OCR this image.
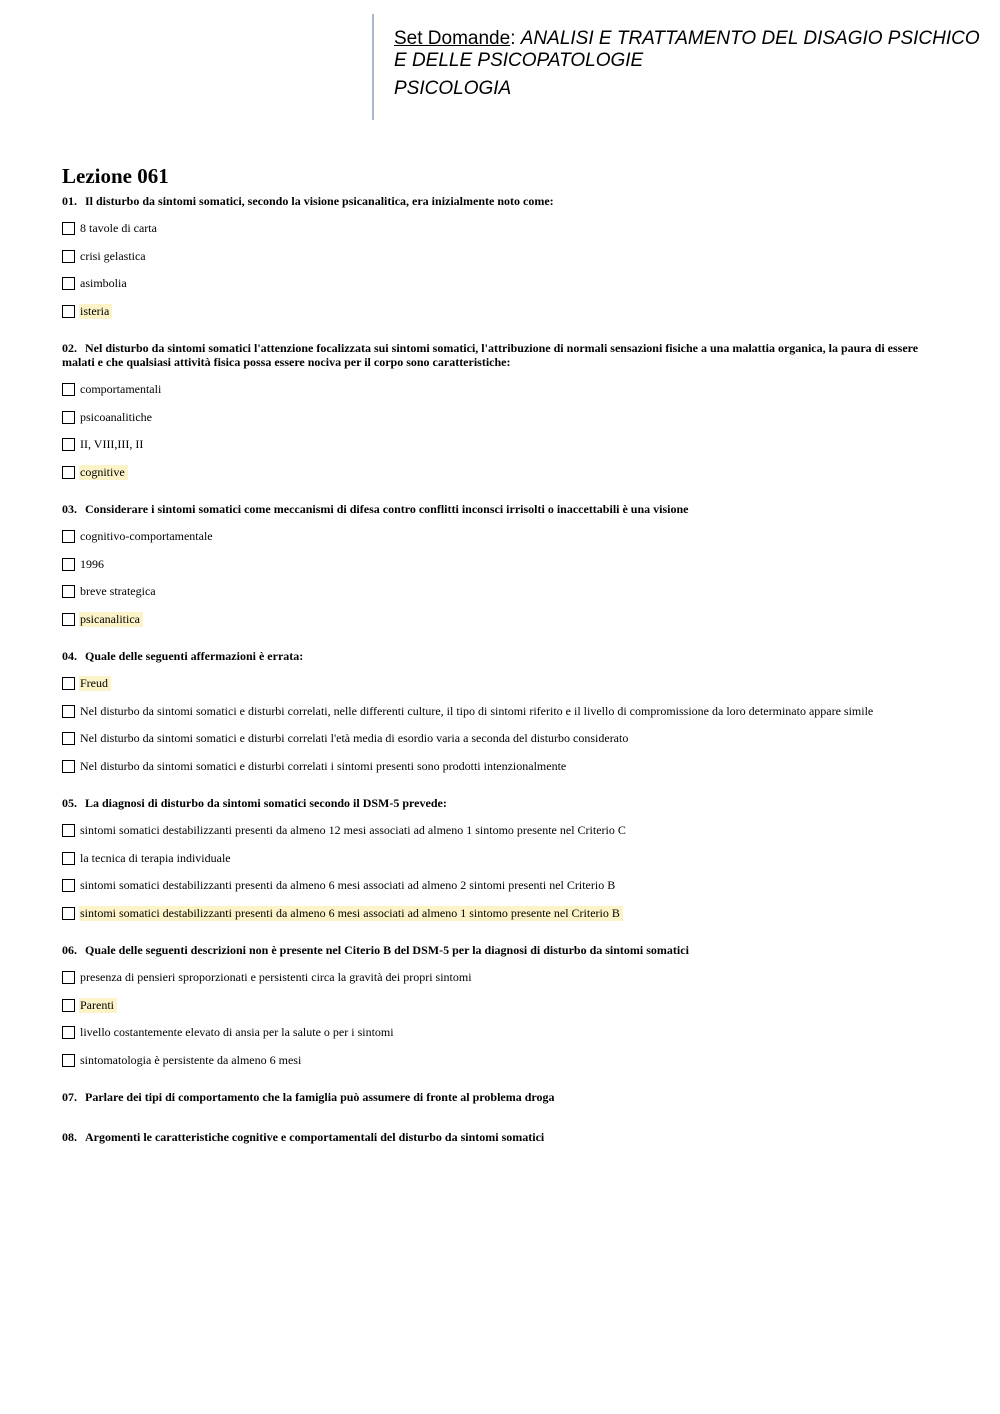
Set Domande: ANALISI E TRATTAMENTO DEL DISAGIO PSICHICO E DELLE PSICOPATOLOGIE
PSICOLOGIA
Lezione 061
01. Il disturbo da sintomi somatici, secondo la visione psicanalitica, era inizialmente noto come:
8 tavole di carta
crisi gelastica
asimbolia
isteria
02. Nel disturbo da sintomi somatici l'attenzione focalizzata sui sintomi somatici, l'attribuzione di normali sensazioni fisiche a una malattia organica, la paura di essere malati e che qualsiasi attività fisica possa essere nociva per il corpo sono caratteristiche:
comportamentali
psicoanalitiche
II, VIII,III, II
cognitive
03. Considerare i sintomi somatici come meccanismi di difesa contro conflitti inconsci irrisolti o inaccettabili è una visione
cognitivo-comportamentale
1996
breve strategica
psicanalitica
04. Quale delle seguenti affermazioni è errata:
Freud
Nel disturbo da sintomi somatici e disturbi correlati, nelle differenti culture, il tipo di sintomi riferito e il livello di compromissione da loro determinato appare simile
Nel disturbo da sintomi somatici e disturbi correlati l'età media di esordio varia a seconda del disturbo considerato
Nel disturbo da sintomi somatici e disturbi correlati i sintomi presenti sono prodotti intenzionalmente
05. La diagnosi di disturbo da sintomi somatici secondo il DSM-5 prevede:
sintomi somatici destabilizzanti presenti da almeno 12 mesi associati ad almeno 1 sintomo presente nel Criterio C
la tecnica di terapia individuale
sintomi somatici destabilizzanti presenti da almeno 6 mesi associati ad almeno 2 sintomi presenti nel Criterio B
sintomi somatici destabilizzanti presenti da almeno 6 mesi associati ad almeno 1 sintomo presente nel Criterio B
06. Quale delle seguenti descrizioni non è presente nel Citerio B del DSM-5 per la diagnosi di disturbo da sintomi somatici
presenza di pensieri sproporzionati e persistenti circa la gravità dei propri sintomi
Parenti
livello costantemente elevato di ansia per la salute o per i sintomi
sintomatologia è persistente da almeno 6 mesi
07. Parlare dei tipi di comportamento che la famiglia può assumere di fronte al problema droga
08. Argomenti le caratteristiche cognitive e comportamentali del disturbo da sintomi somatici
